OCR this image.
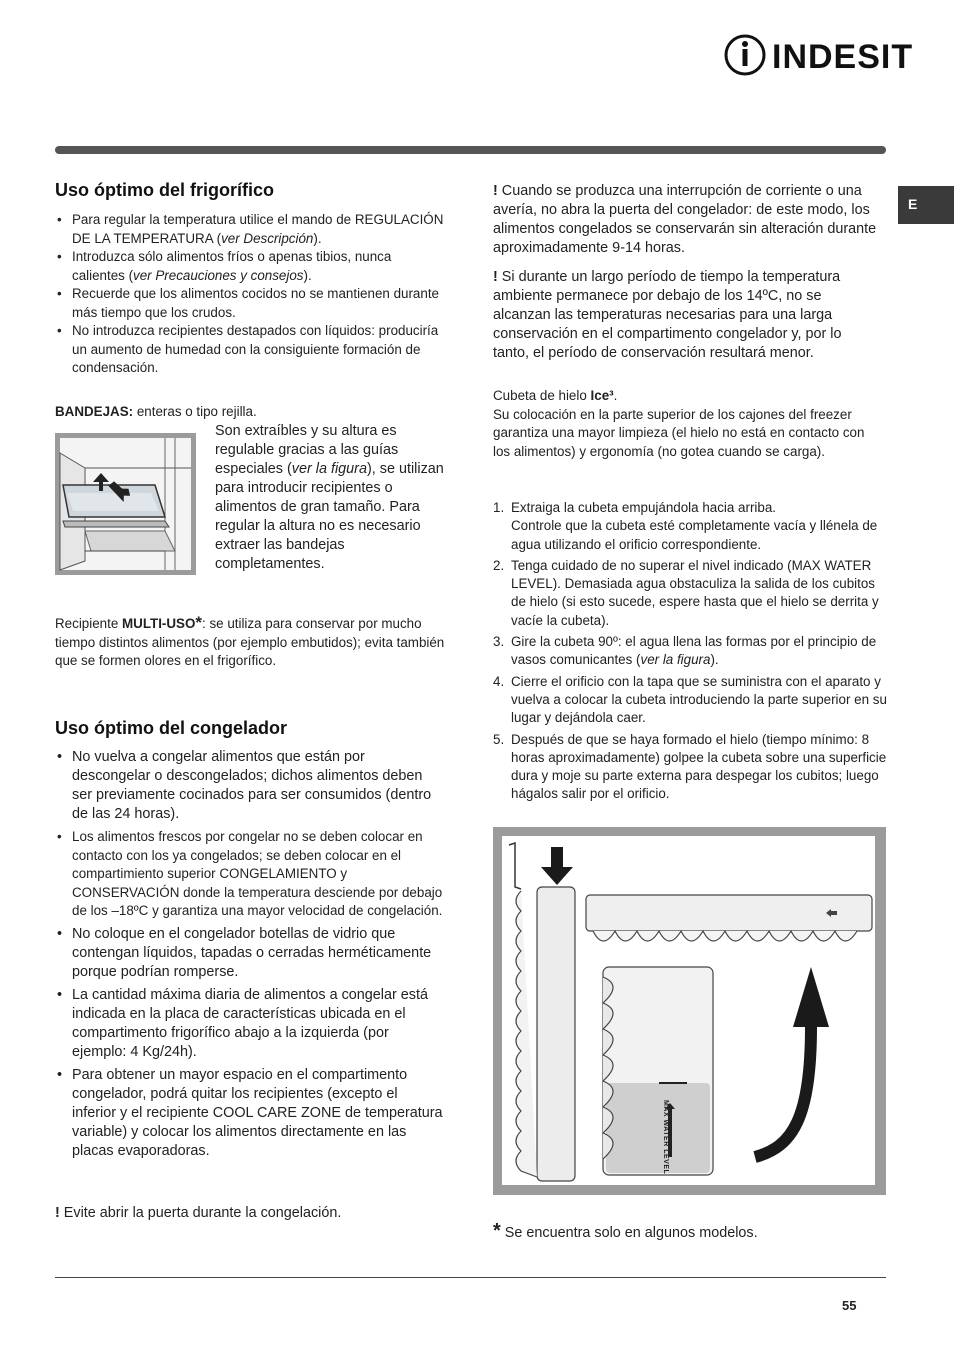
INDESIT
E
Uso óptimo del frigorífico
• Para regular la temperatura utilice el mando de REGULACIÓN DE LA TEMPERATURA (ver Descripción).
• Introduzca sólo alimentos fríos o apenas tibios, nunca calientes (ver Precauciones y consejos).
• Recuerde que los alimentos cocidos no se mantienen durante más tiempo que los crudos.
• No introduzca recipientes destapados con líquidos: produciría un aumento de humedad con la consiguiente formación de condensación.
BANDEJAS: enteras o tipo rejilla.
Son extraíbles y su altura es regulable gracias a las guías especiales (ver la figura), se utilizan para introducir recipientes o alimentos de gran tamaño. Para regular la altura no es necesario extraer las bandejas completamentes.
Recipiente MULTI-USO*: se utiliza para conservar por mucho tiempo distintos alimentos (por ejemplo embutidos); evita también que se formen olores en el frigorífico.
Uso óptimo del congelador
• No vuelva a congelar alimentos que están por descongelar o descongelados; dichos alimentos deben ser previamente cocinados para ser consumidos (dentro de las 24 horas).
• Los alimentos frescos por congelar no se deben colocar en contacto con los ya congelados; se deben colocar en el compartimiento superior CONGELAMIENTO y CONSERVACIÓN donde la temperatura desciende por debajo de los –18ºC y garantiza una mayor velocidad de congelación.
• No coloque en el congelador botellas de vidrio que contengan líquidos, tapadas o cerradas herméticamente porque podrían romperse.
• La cantidad máxima diaria de alimentos a congelar está indicada en la placa de características ubicada en el compartimento frigorífico abajo a la izquierda (por ejemplo: 4 Kg/24h).
• Para obtener un mayor espacio en el compartimento congelador, podrá quitar los recipientes (excepto el inferior y el recipiente COOL CARE ZONE de temperatura variable) y colocar los alimentos directamente en las placas evaporadoras.
! Evite abrir la puerta durante la congelación.
! Cuando se produzca una interrupción de corriente o una avería, no abra la puerta del congelador: de este modo, los alimentos congelados se conservarán sin alteración durante aproximadamente 9-14 horas.
! Si durante un largo período de tiempo la temperatura ambiente permanece por debajo de los 14ºC, no se alcanzan las temperaturas necesarias para una larga conservación en el compartimento congelador y, por lo tanto, el período de conservación resultará menor.
Cubeta de hielo Ice³.
Su colocación en la parte superior de los cajones del freezer garantiza una mayor limpieza (el hielo no está en contacto con los alimentos) y ergonomía (no gotea cuando se carga).
1. Extraiga la cubeta empujándola hacia arriba.
Controle que la cubeta esté completamente vacía y llénela de agua utilizando el orificio correspondiente.
2. Tenga cuidado de no superar el nivel indicado (MAX WATER LEVEL). Demasiada agua obstaculiza la salida de los cubitos de hielo (si esto sucede, espere hasta que el hielo se derrita y vacíe la cubeta).
3. Gire la cubeta 90º: el agua llena las formas por el principio de vasos comunicantes (ver la figura).
4. Cierre el orificio con la tapa que se suministra con el aparato y vuelva a colocar la cubeta introduciendo la parte superior en su lugar y dejándola caer.
5. Después de que se haya formado el hielo (tiempo mínimo: 8 horas aproximadamente) golpee la cubeta sobre una superficie dura y moje su parte externa para despegar los cubitos; luego hágalos salir por el orificio.
MAX WATER LEVEL
* Se encuentra solo en algunos modelos.
55
